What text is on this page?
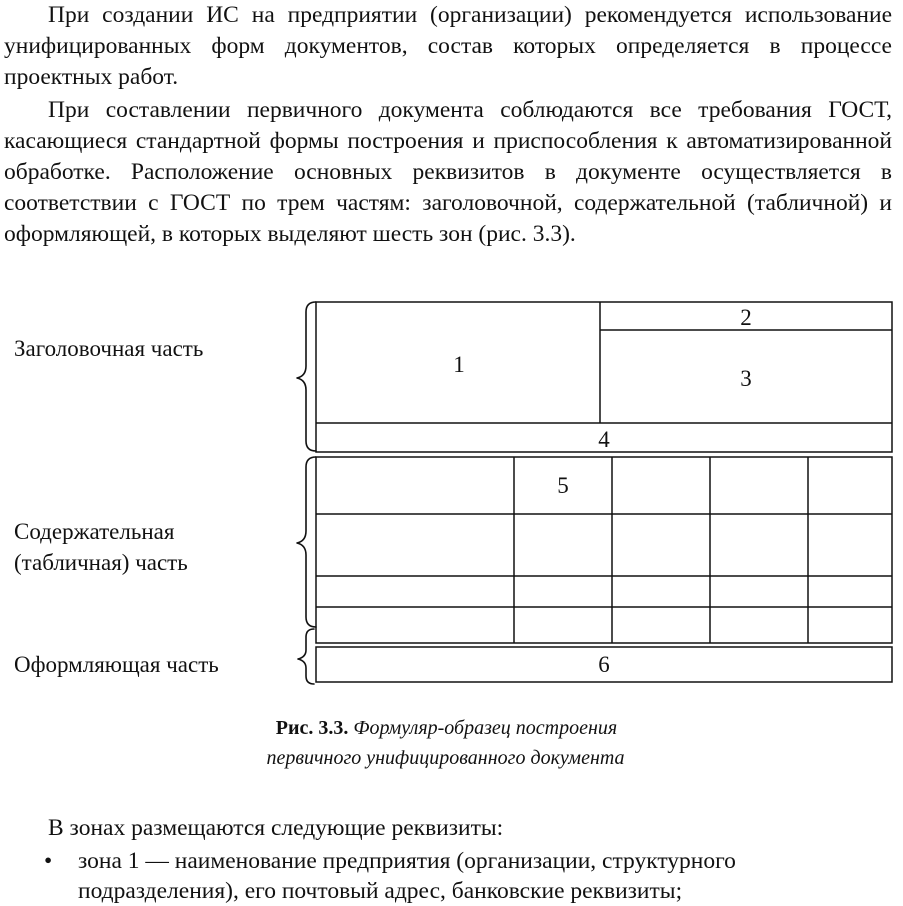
При создании ИС на предприятии (организации) рекомендуется использование унифицированных форм документов, состав которых определяется в процессе проектных работ.

При составлении первичного документа соблюдаются все требования ГОСТ, касающиеся стандартной формы построения и приспособления к автоматизированной обработке. Расположение основных реквизитов в документе осуществляется в соответствии с ГОСТ по трем частям: заголовочной, содержательной (табличной) и оформляющей, в которых выделяют шесть зон (рис. 3.3).

Заголовочная часть
Содержательная
(табличная) часть
Оформляющая часть
1
2
3
4
5
6
Рис. 3.3. Формуляр-образец построения
первичного унифицированного документа

В зонах размещаются следующие реквизиты:

• зона 1 — наименование предприятия (организации, структурного подразделения), его почтовый адрес, банковские реквизиты;
